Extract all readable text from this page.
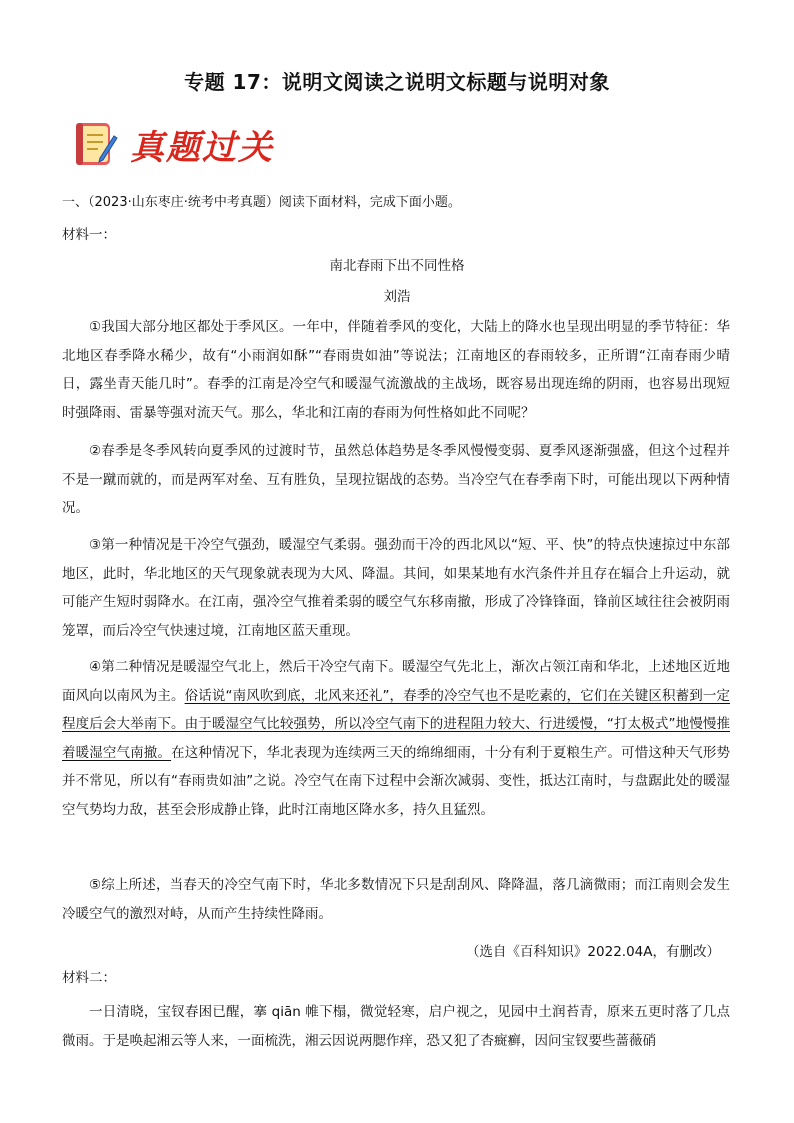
专题 17：说明文阅读之说明文标题与说明对象
真题过关
一、（2023·山东枣庄·统考中考真题）阅读下面材料，完成下面小题。
材料一：
南北春雨下出不同性格
刘浩

①我国大部分地区都处于季风区。一年中，伴随着季风的变化，大陆上的降水也呈现出明显的季节特征：华北地区春季降水稀少，故有“小雨润如酥”“春雨贵如油”等说法；江南地区的春雨较多，正所谓“江南春雨少晴日，露坐青天能几时”。春季的江南是冷空气和暖湿气流激战的主战场，既容易出现连绵的阴雨，也容易出现短时强降雨、雷暴等强对流天气。那么，华北和江南的春雨为何性格如此不同呢？

②春季是冬季风转向夏季风的过渡时节，虽然总体趋势是冬季风慢慢变弱、夏季风逐渐强盛，但这个过程并不是一蹴而就的，而是两军对垒、互有胜负，呈现拉锯战的态势。当冷空气在春季南下时，可能出现以下两种情况。

③第一种情况是干冷空气强劲，暖湿空气柔弱。强劲而干冷的西北风以“短、平、快”的特点快速掠过中东部地区，此时，华北地区的天气现象就表现为大风、降温。其间，如果某地有水汽条件并且存在辐合上升运动，就可能产生短时弱降水。在江南，强冷空气推着柔弱的暖空气东移南撤，形成了冷锋锋面，锋前区域往往会被阴雨笼罩，而后冷空气快速过境，江南地区蓝天重现。

④第二种情况是暖湿空气北上，然后干冷空气南下。暖湿空气先北上，渐次占领江南和华北，上述地区近地面风向以南风为主。俗话说“南风吹到底，北风来还礼”，春季的冷空气也不是吃素的，它们在关键区积蓄到一定程度后会大举南下。由于暖湿空气比较强势，所以冷空气南下的进程阻力较大、行进缓慢，“打太极式”地慢慢推着暖湿空气南撤。在这种情况下，华北表现为连续两三天的绵绵细雨，十分有利于夏粮生产。可惜这种天气形势并不常见，所以有“春雨贵如油”之说。冷空气在南下过程中会渐次减弱、变性，抵达江南时，与盘踞此处的暖湿空气势均力敌，甚至会形成静止锋，此时江南地区降水多，持久且猛烈。

⑤综上所述，当春天的冷空气南下时，华北多数情况下只是刮刮风、降降温，落几滴微雨；而江南则会发生冷暖空气的激烈对峙，从而产生持续性降雨。

（选自《百科知识》2022.04A，有删改）
材料二：

一日清晓，宝钗春困已醒，搴 qiān 帷下榻，微觉轻寒，启户视之，见园中土润苔青，原来五更时落了几点微雨。于是唤起湘云等人来，一面梳洗，湘云因说两腮作痒，恐又犯了杏癍癣，因问宝钗要些蔷薇硝
